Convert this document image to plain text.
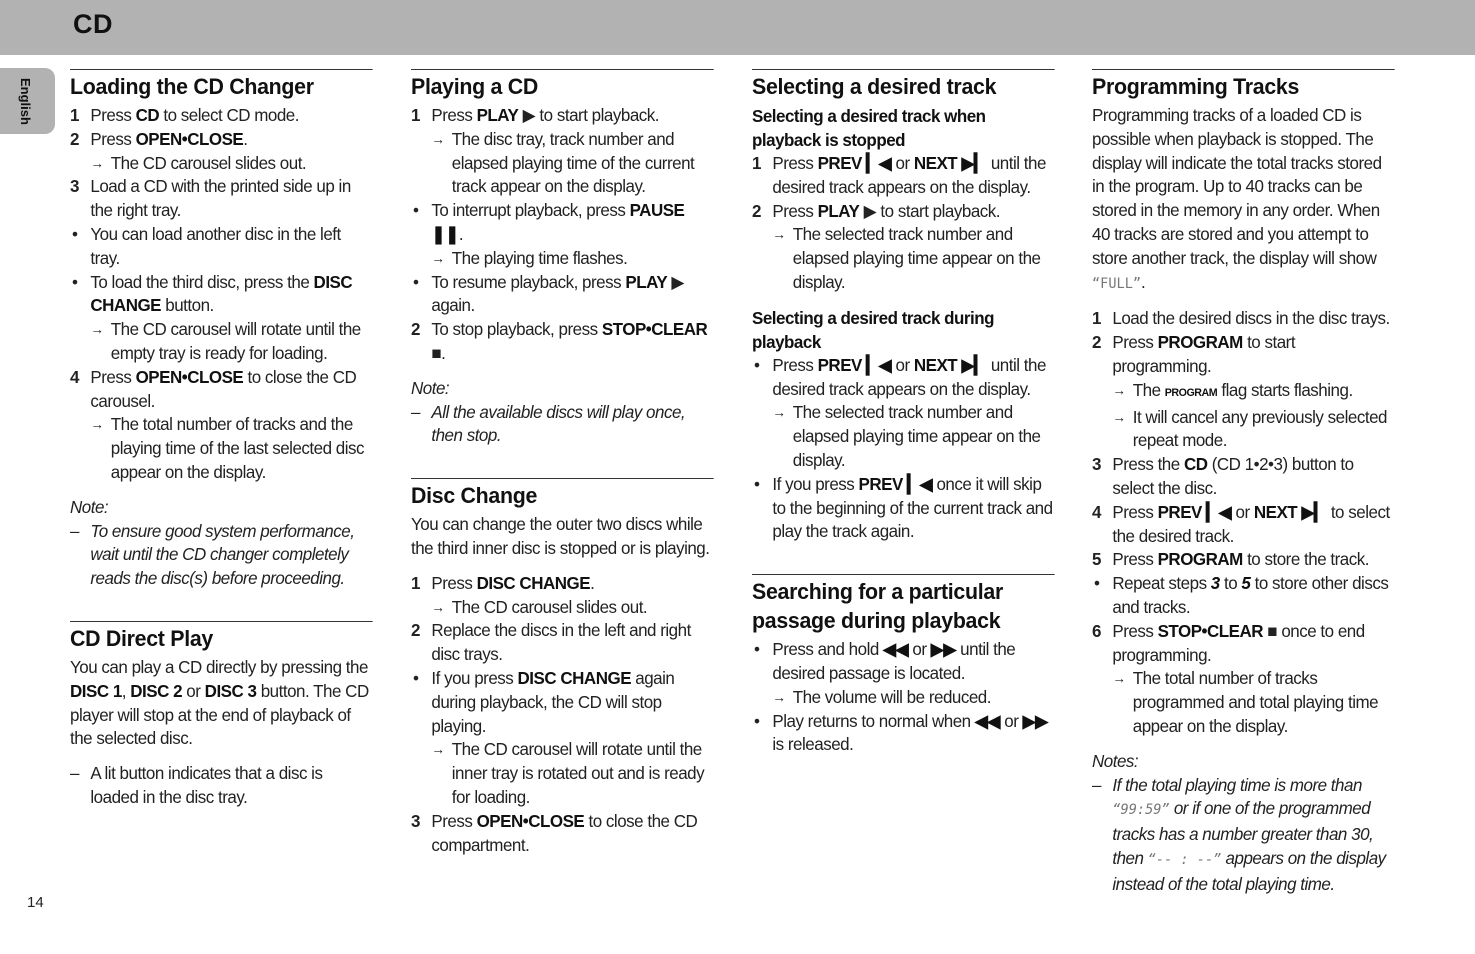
CD
English Loading the CD Changer
1 Press CD to select CD mode.
2 Press OPEN•CLOSE.
→ The CD carousel slides out.
3 Load a CD with the printed side up in the right tray.
• You can load another disc in the left tray.
• To load the third disc, press the DISC CHANGE button.
→ The CD carousel will rotate until the empty tray is ready for loading.
4 Press OPEN•CLOSE to close the CD carousel.
→ The total number of tracks and the playing time of the last selected disc appear on the display.
Note:
– To ensure good system performance, wait until the CD changer completely reads the disc(s) before proceeding.
CD Direct Play

You can play a CD directly by pressing the DISC 1, DISC 2 or DISC 3 button. The CD player will stop at the end of playback of the selected disc.

– A lit button indicates that a disc is loaded in the disc tray.
Playing a CD
1 Press PLAY ▶ to start playback.
→ The disc tray, track number and elapsed playing time of the current track appear on the display.
• To interrupt playback, press PAUSE ❚❚.
→ The playing time flashes.
• To resume playback, press PLAY ▶
again.
2 To stop playback, press STOP•CLEAR
■.
Note:
– All the available discs will play once, then stop.
Disc Change

You can change the outer two discs while the third inner disc is stopped or is playing.

1 Press DISC CHANGE.
→ The CD carousel slides out.
2 Replace the discs in the left and right disc trays.
• If you press DISC CHANGE again during playback, the CD will stop playing.
→ The CD carousel will rotate until the inner tray is rotated out and is ready for loading.
3 Press OPEN•CLOSE to close the CD compartment.
Selecting a desired track
Selecting a desired track when playback is stopped
1 Press PREV ▎◀ or NEXT ▶▎ until the desired track appears on the display.
2 Press PLAY ▶ to start playback.
→ The selected track number and elapsed playing time appear on the display.
Selecting a desired track during playback
• Press PREV ▎◀ or NEXT ▶▎ until the desired track appears on the display.
→ The selected track number and elapsed playing time appear on the display.
• If you press PREV ▎◀ once it will skip to the beginning of the current track and play the track again.
Searching for a particular passage during playback
• Press and hold ◀◀ or ▶▶ until the desired passage is located.
→ The volume will be reduced.
• Play returns to normal when ◀◀ or ▶▶
is released.
Programming Tracks

Programming tracks of a loaded CD is possible when playback is stopped. The display will indicate the total tracks stored in the program. Up to 40 tracks can be stored in the memory in any order. When 40 tracks are stored and you attempt to store another track, the display will show “FULL”.

1 Load the desired discs in the disc trays.
2 Press PROGRAM to start programming.
→ The PROGRAM flag starts flashing.
→ It will cancel any previously selected repeat mode.
3 Press the CD (CD 1•2•3) button to select the disc.
4 Press PREV ▎◀ or NEXT ▶▎ to select the desired track.
5 Press PROGRAM to store the track.
• Repeat steps 3 to 5 to store other discs and tracks.
6 Press STOP•CLEAR ■ once to end programming.
→ The total number of tracks programmed and total playing time appear on the display.
Notes:
– If the total playing time is more than “99:59” or if one of the programmed tracks has a number greater than 30, then “-- : --” appears on the display instead of the total playing time.
14
